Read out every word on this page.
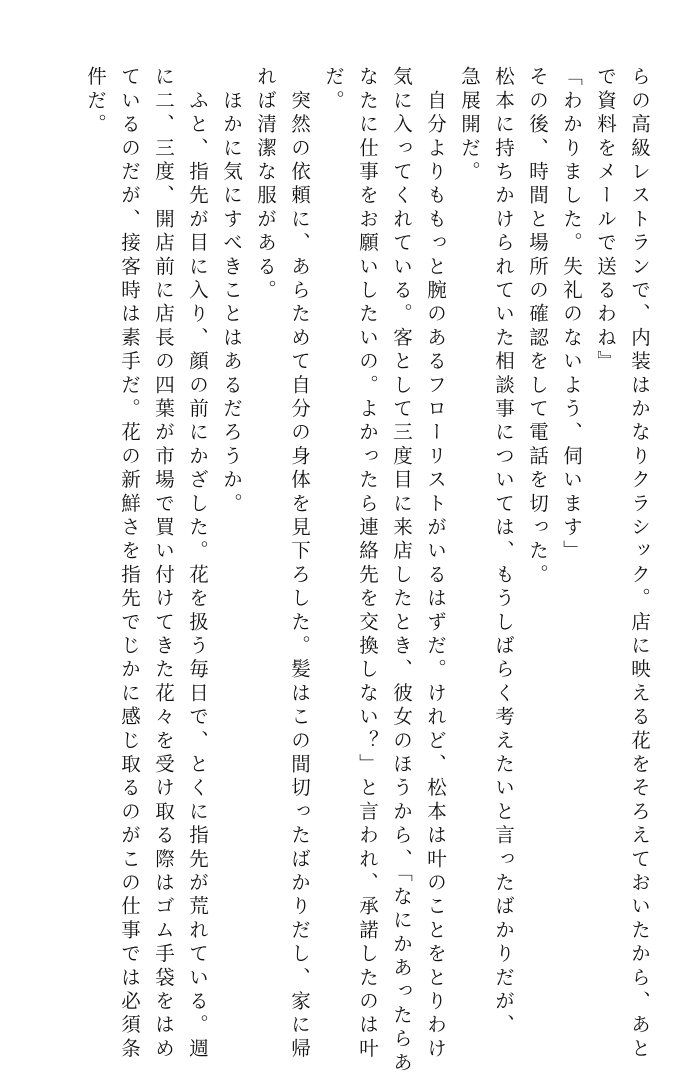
らの高級レストランで、内装はかなりクラシック。店に映える花をそろえておいたから、あと

で資料をメールで送るわね』

「わかりました。失礼のないよう、伺います」

その後、時間と場所の確認をして電話を切った。

松本に持ちかけられていた相談事については、もうしばらく考えたいと言ったばかりだが、

急展開だ。

　自分よりももっと腕のあるフローリストがいるはずだ。けれど、松本は叶のことをとりわけ

気に入ってくれている。客として三度目に来店したとき、彼女のほうから、「なにかあったらあ

なたに仕事をお願いしたいの。よかったら連絡先を交換しない？」と言われ、承諾したのは叶

だ。

　突然の依頼に、あらためて自分の身体を見下ろした。髪はこの間切ったばかりだし、家に帰

れば清潔な服がある。

　ほかに気にすべきことはあるだろうか。

　ふと、指先が目に入り、顔の前にかざした。花を扱う毎日で、とくに指先が荒れている。週

に二、三度、開店前に店長の四葉が市場で買い付けてきた花々を受け取る際はゴム手袋をはめ

ているのだが、接客時は素手だ。花の新鮮さを指先でじかに感じ取るのがこの仕事では必須条

件だ。
